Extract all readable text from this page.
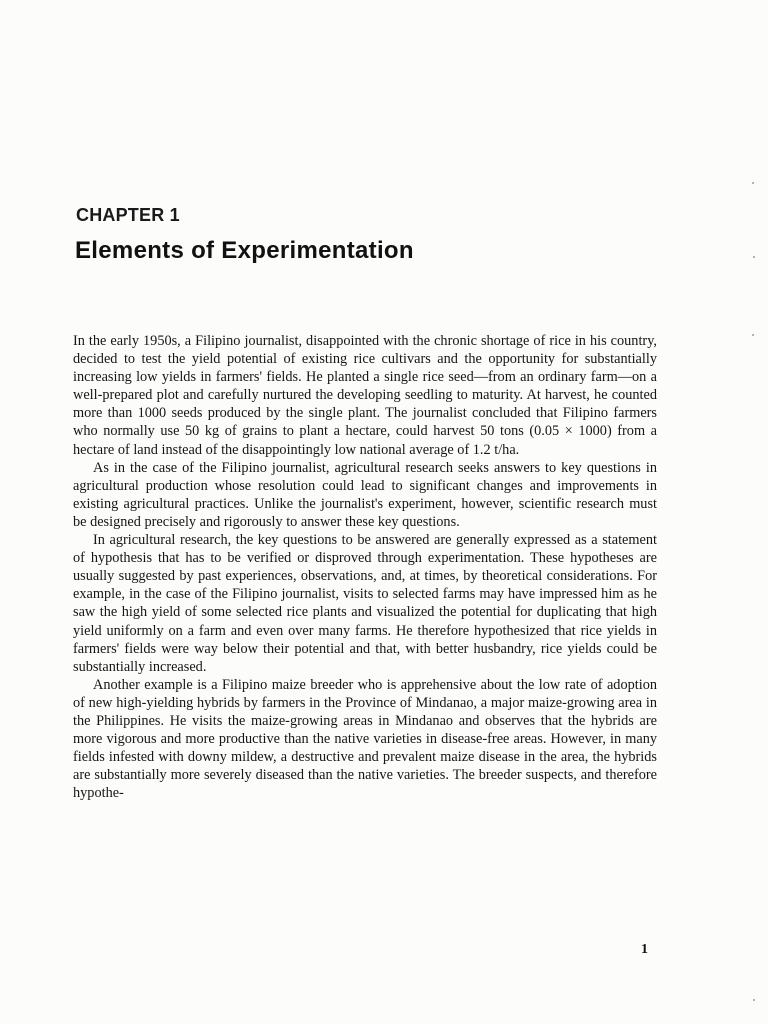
CHAPTER 1
Elements of Experimentation

In the early 1950s, a Filipino journalist, disappointed with the chronic shortage of rice in his country, decided to test the yield potential of existing rice cultivars and the opportunity for substantially increasing low yields in farmers' fields. He planted a single rice seed—from an ordinary farm—on a well-prepared plot and carefully nurtured the developing seedling to maturity. At harvest, he counted more than 1000 seeds produced by the single plant. The journalist concluded that Filipino farmers who normally use 50 kg of grains to plant a hectare, could harvest 50 tons (0.05 × 1000) from a hectare of land instead of the disappointingly low national average of 1.2 t/ha.

As in the case of the Filipino journalist, agricultural research seeks answers to key questions in agricultural production whose resolution could lead to significant changes and improvements in existing agricultural practices. Unlike the journalist's experiment, however, scientific research must be designed precisely and rigorously to answer these key questions.

In agricultural research, the key questions to be answered are generally expressed as a statement of hypothesis that has to be verified or disproved through experimentation. These hypotheses are usually suggested by past experiences, observations, and, at times, by theoretical considerations. For example, in the case of the Filipino journalist, visits to selected farms may have impressed him as he saw the high yield of some selected rice plants and visualized the potential for duplicating that high yield uniformly on a farm and even over many farms. He therefore hypothesized that rice yields in farmers' fields were way below their potential and that, with better husbandry, rice yields could be substantially increased.

Another example is a Filipino maize breeder who is apprehensive about the low rate of adoption of new high-yielding hybrids by farmers in the Province of Mindanao, a major maize-growing area in the Philippines. He visits the maize-growing areas in Mindanao and observes that the hybrids are more vigorous and more productive than the native varieties in disease-free areas. However, in many fields infested with downy mildew, a destructive and prevalent maize disease in the area, the hybrids are substantially more severely diseased than the native varieties. The breeder suspects, and therefore hypothe-

1
